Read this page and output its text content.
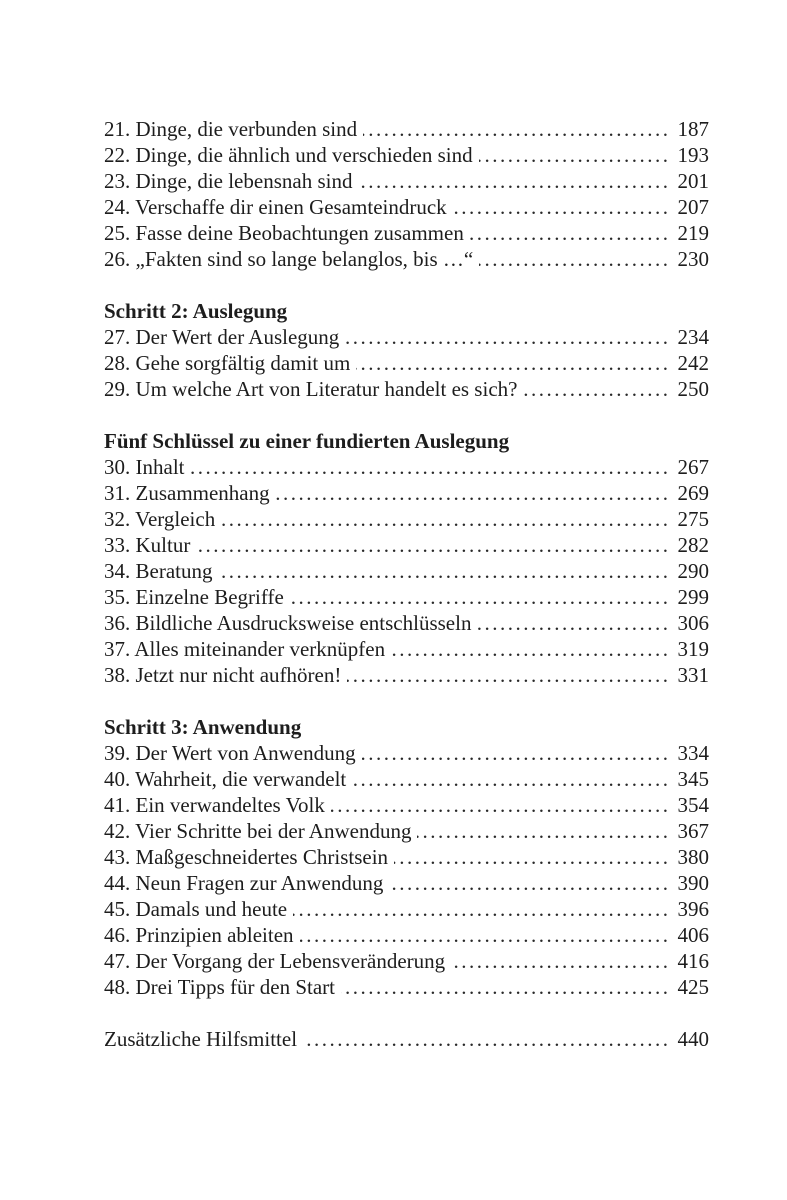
21. Dinge, die verbunden sind .....	187
22. Dinge, die ähnlich und verschieden sind .....	193
23. Dinge, die lebensnah sind .....	201
24. Verschaffe dir einen Gesamteindruck .....	207
25. Fasse deine Beobachtungen zusammen .....	219
26. „Fakten sind so lange belanglos, bis …“ .....	230
Schritt 2: Auslegung
27. Der Wert der Auslegung .....	234
28. Gehe sorgfältig damit um .....	242
29. Um welche Art von Literatur handelt es sich? .....	250
Fünf Schlüssel zu einer fundierten Auslegung
30. Inhalt .....	267
31. Zusammenhang .....	269
32. Vergleich .....	275
33. Kultur .....	282
34. Beratung .....	290
35. Einzelne Begriffe .....	299
36. Bildliche Ausdrucksweise entschlüsseln .....	306
37. Alles miteinander verknüpfen .....	319
38. Jetzt nur nicht aufhören! .....	331
Schritt 3: Anwendung
39. Der Wert von Anwendung .....	334
40. Wahrheit, die verwandelt .....	345
41. Ein verwandeltes Volk .....	354
42. Vier Schritte bei der Anwendung .....	367
43. Maßgeschneidertes Christsein .....	380
44. Neun Fragen zur Anwendung .....	390
45. Damals und heute .....	396
46. Prinzipien ableiten .....	406
47. Der Vorgang der Lebensveränderung .....	416
48. Drei Tipps für den Start .....	425
Zusätzliche Hilfsmittel .....	440
